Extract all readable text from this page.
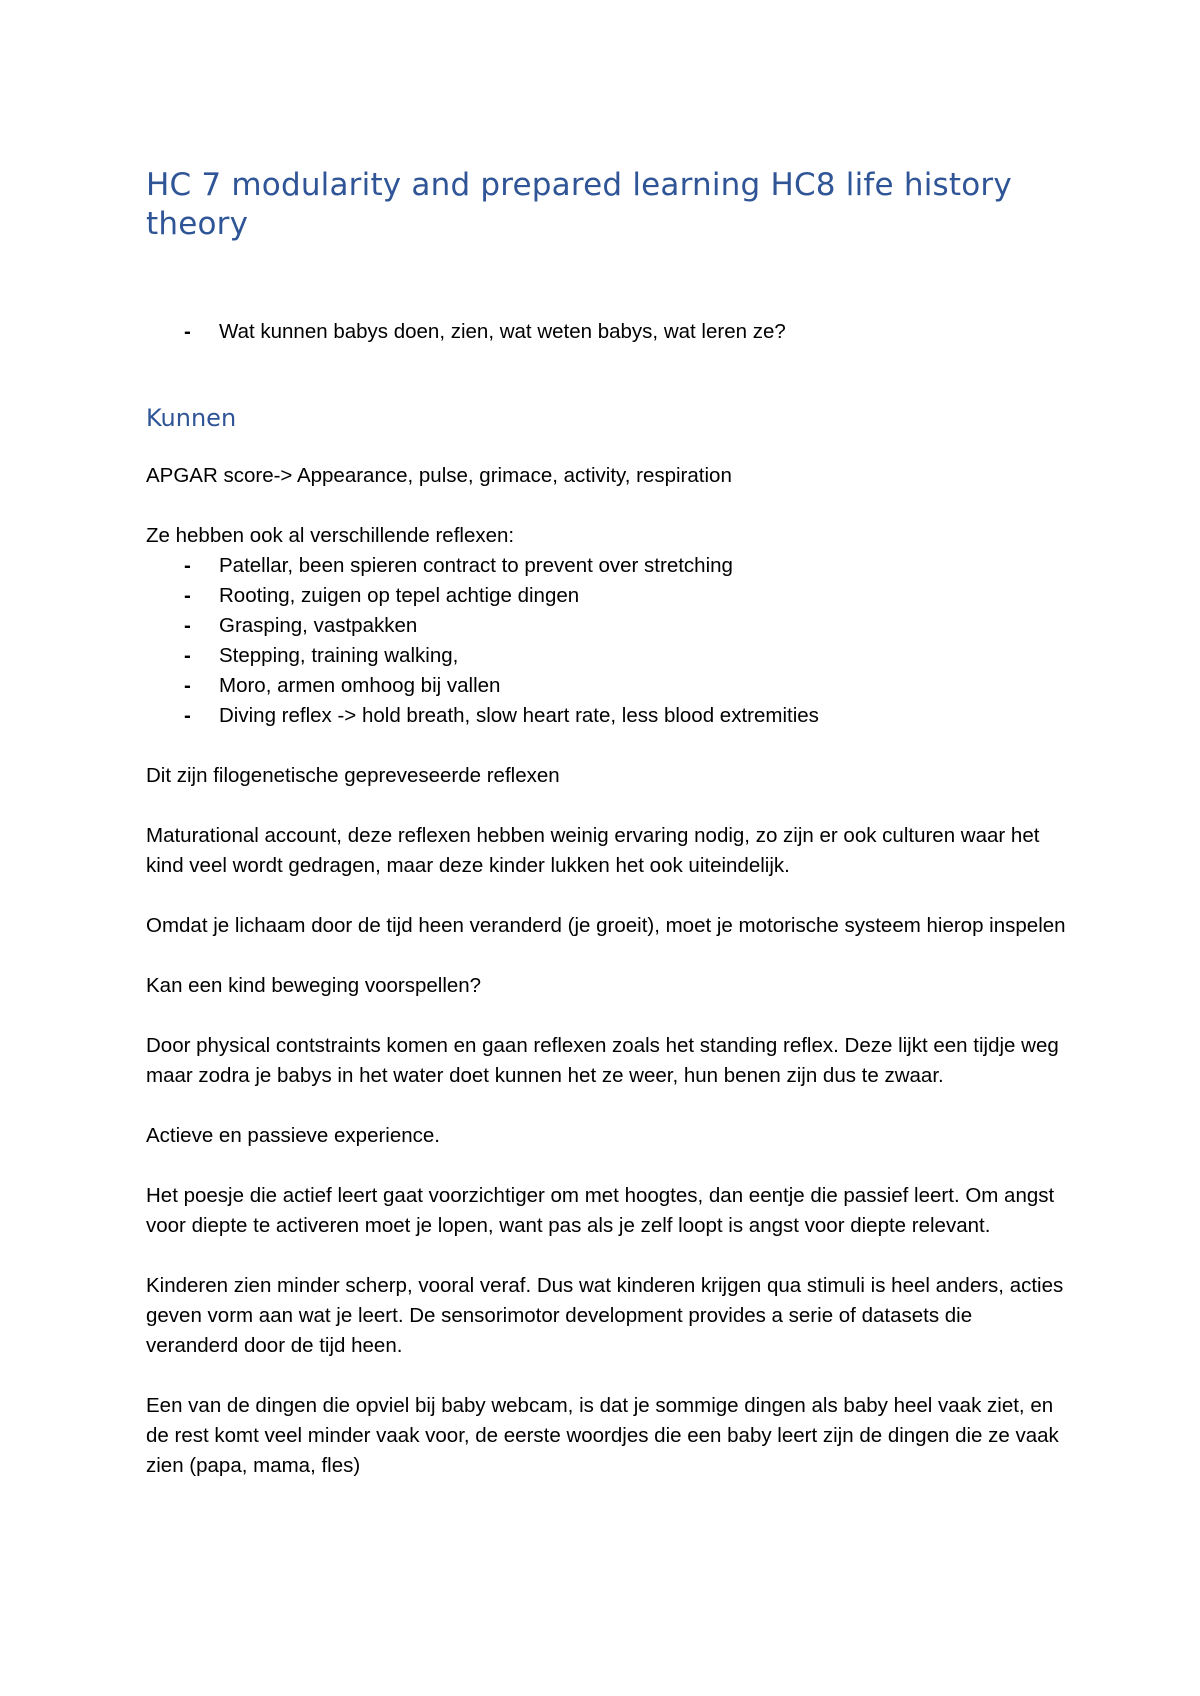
HC 7 modularity and prepared learning HC8 life history theory
- Wat kunnen babys doen, zien, wat weten babys, wat leren ze?
Kunnen

APGAR score-> Appearance, pulse, grimace, activity, respiration

Ze hebben ook al verschillende reflexen:

- Patellar, been spieren contract to prevent over stretching
- Rooting, zuigen op tepel achtige dingen
- Grasping, vastpakken
- Stepping, training walking,
- Moro, armen omhoog bij vallen
- Diving reflex -> hold breath, slow heart rate, less blood extremities

Dit zijn filogenetische gepreveseerde reflexen

Maturational account, deze reflexen hebben weinig ervaring nodig, zo zijn er ook culturen waar het kind veel wordt gedragen, maar deze kinder lukken het ook uiteindelijk.

Omdat je lichaam door de tijd heen veranderd (je groeit), moet je motorische systeem hierop inspelen

Kan een kind beweging voorspellen?

Door physical contstraints komen en gaan reflexen zoals het standing reflex. Deze lijkt een tijdje weg maar zodra je babys in het water doet kunnen het ze weer, hun benen zijn dus te zwaar.

Actieve en passieve experience.

Het poesje die actief leert gaat voorzichtiger om met hoogtes, dan eentje die passief leert. Om angst voor diepte te activeren moet je lopen, want pas als je zelf loopt is angst voor diepte relevant.

Kinderen zien minder scherp, vooral veraf. Dus wat kinderen krijgen qua stimuli is heel anders, acties geven vorm aan wat je leert. De sensorimotor development provides a serie of datasets die veranderd door de tijd heen.

Een van de dingen die opviel bij baby webcam, is dat je sommige dingen als baby heel vaak ziet, en de rest komt veel minder vaak voor, de eerste woordjes die een baby leert zijn de dingen die ze vaak zien (papa, mama, fles)
